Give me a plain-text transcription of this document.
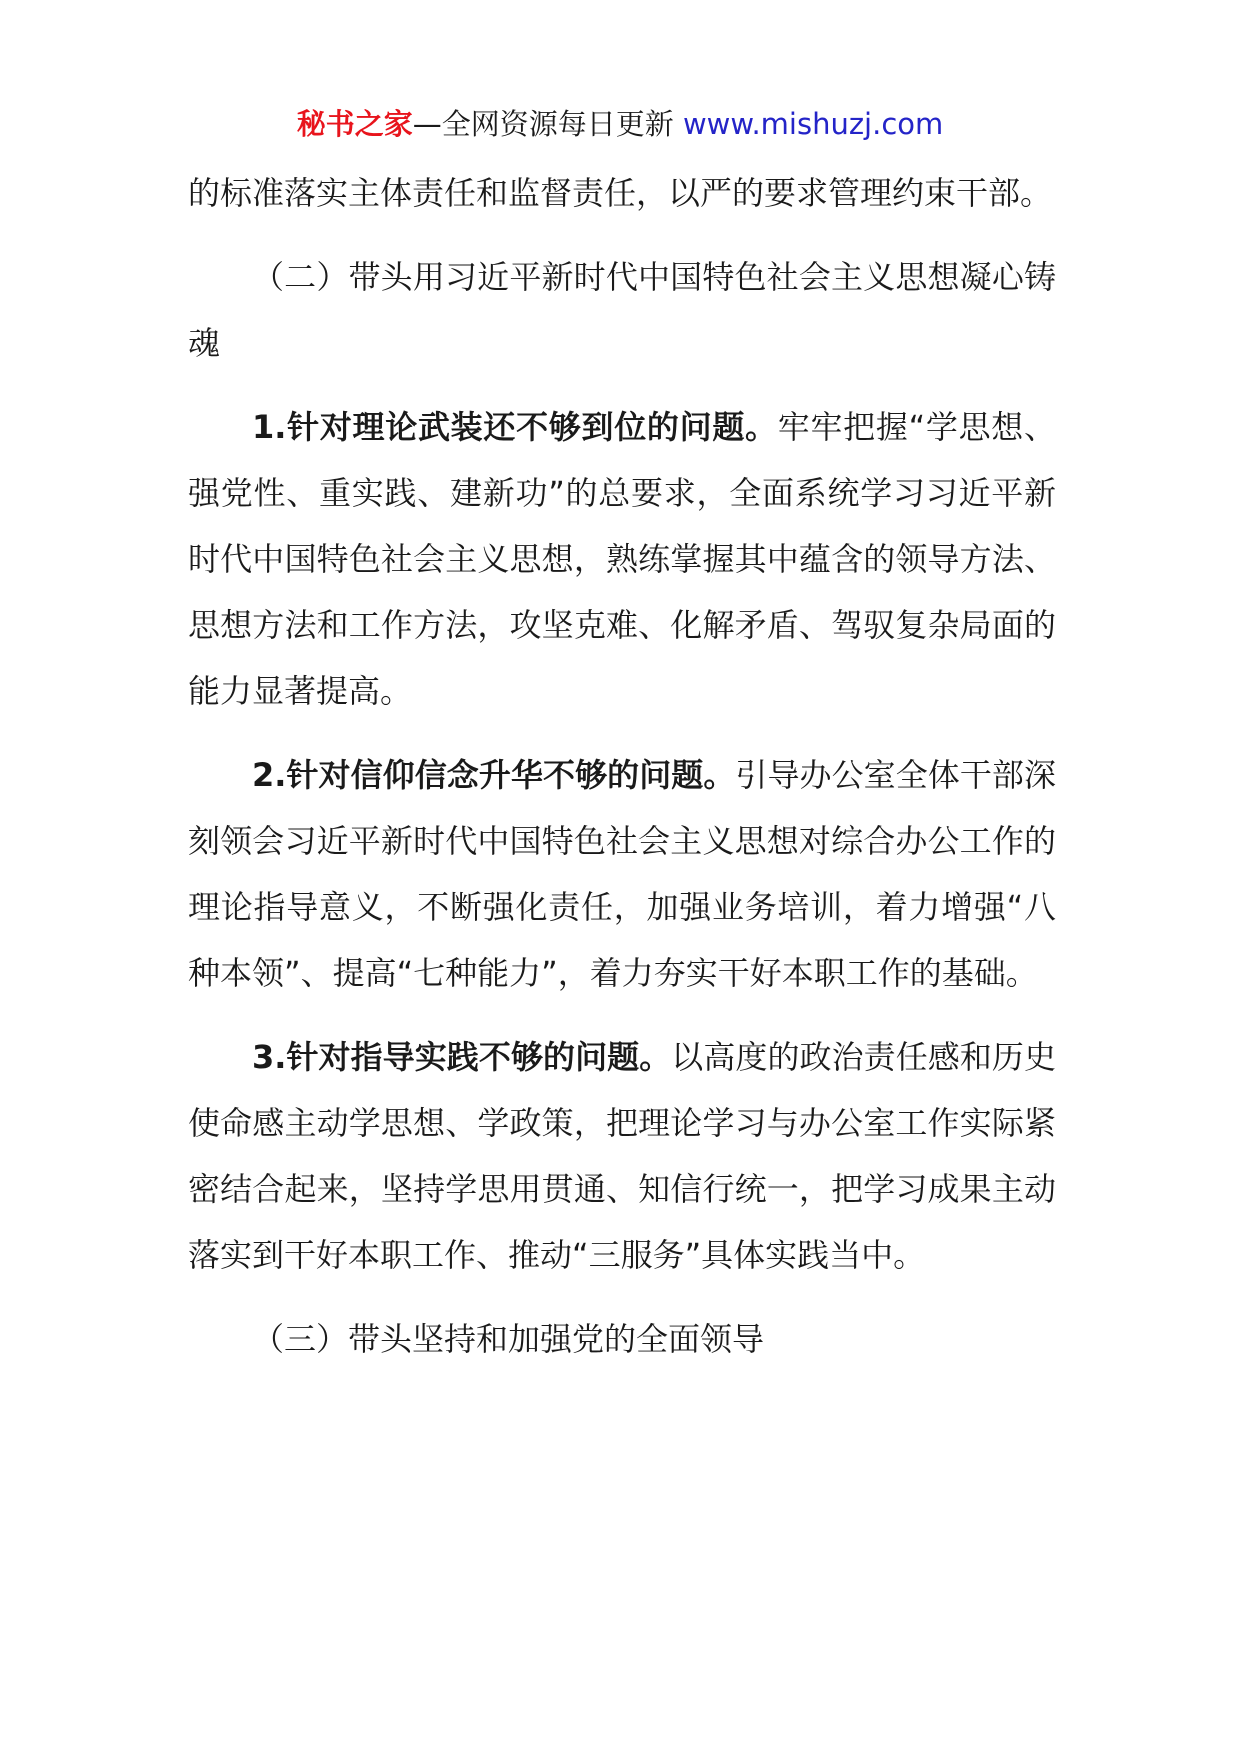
秘书之家—全网资源每日更新 www.mishuzj.com

的标准落实主体责任和监督责任，以严的要求管理约束干部。

（二）带头用习近平新时代中国特色社会主义思想凝心铸魂

1.针对理论武装还不够到位的问题。牢牢把握“学思想、强党性、重实践、建新功”的总要求，全面系统学习习近平新时代中国特色社会主义思想，熟练掌握其中蕴含的领导方法、思想方法和工作方法，攻坚克难、化解矛盾、驾驭复杂局面的能力显著提高。

2.针对信仰信念升华不够的问题。引导办公室全体干部深刻领会习近平新时代中国特色社会主义思想对综合办公工作的理论指导意义，不断强化责任，加强业务培训，着力增强“八种本领”、提高“七种能力”，着力夯实干好本职工作的基础。

3.针对指导实践不够的问题。以高度的政治责任感和历史使命感主动学思想、学政策，把理论学习与办公室工作实际紧密结合起来，坚持学思用贯通、知信行统一，把学习成果主动落实到干好本职工作、推动“三服务”具体实践当中。

（三）带头坚持和加强党的全面领导
